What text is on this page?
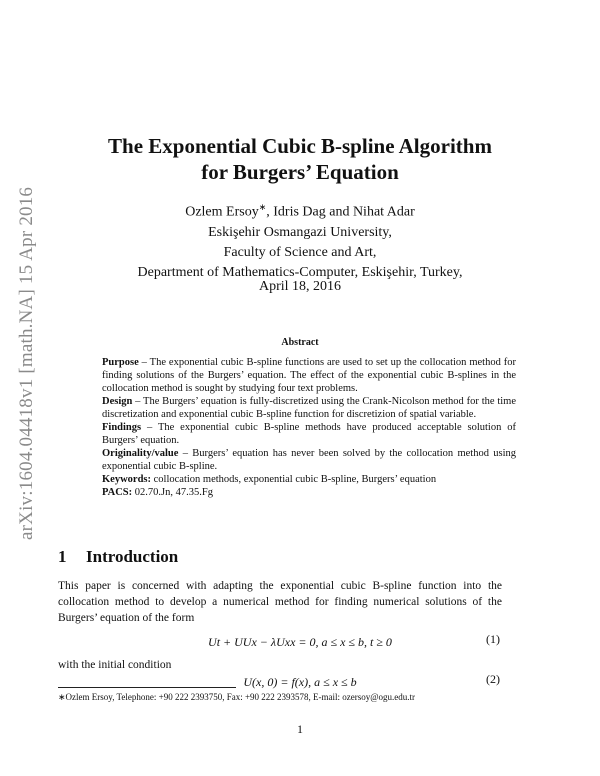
arXiv:1604.04418v1 [math.NA] 15 Apr 2016
The Exponential Cubic B-spline Algorithm
for Burgers’ Equation
Ozlem Ersoy∗, Idris Dag and Nihat Adar
Eskişehir Osmangazi University,
Faculty of Science and Art,
Department of Mathematics-Computer, Eskişehir, Turkey,
April 18, 2016
Abstract

Purpose – The exponential cubic B-spline functions are used to set up the collocation method for finding solutions of the Burgers’ equation. The effect of the exponential cubic B-splines in the collocation method is sought by studying four text problems.

Design – The Burgers’ equation is fully-discretized using the Crank-Nicolson method for the time discretization and exponential cubic B-spline function for discretizion of spatial variable.

Findings – The exponential cubic B-spline methods have produced acceptable solution of Burgers’ equation.

Originality/value – Burgers’ equation has never been solved by the collocation method using exponential cubic B-spline.

Keywords: collocation methods, exponential cubic B-spline, Burgers’ equation

PACS: 02.70.Jn, 47.35.Fg

1 Introduction
This paper is concerned with adapting the exponential cubic B-spline function into the collocation method to develop a numerical method for finding numerical solutions of the Burgers’ equation of the form
Ut + UUx − λUxx = 0, a ≤ x ≤ b, t ≥ 0	(1)
with the initial condition
U(x, 0) = f(x), a ≤ x ≤ b	(2)
∗Ozlem Ersoy, Telephone: +90 222 2393750, Fax: +90 222 2393578, E-mail: ozersoy@ogu.edu.tr
1
